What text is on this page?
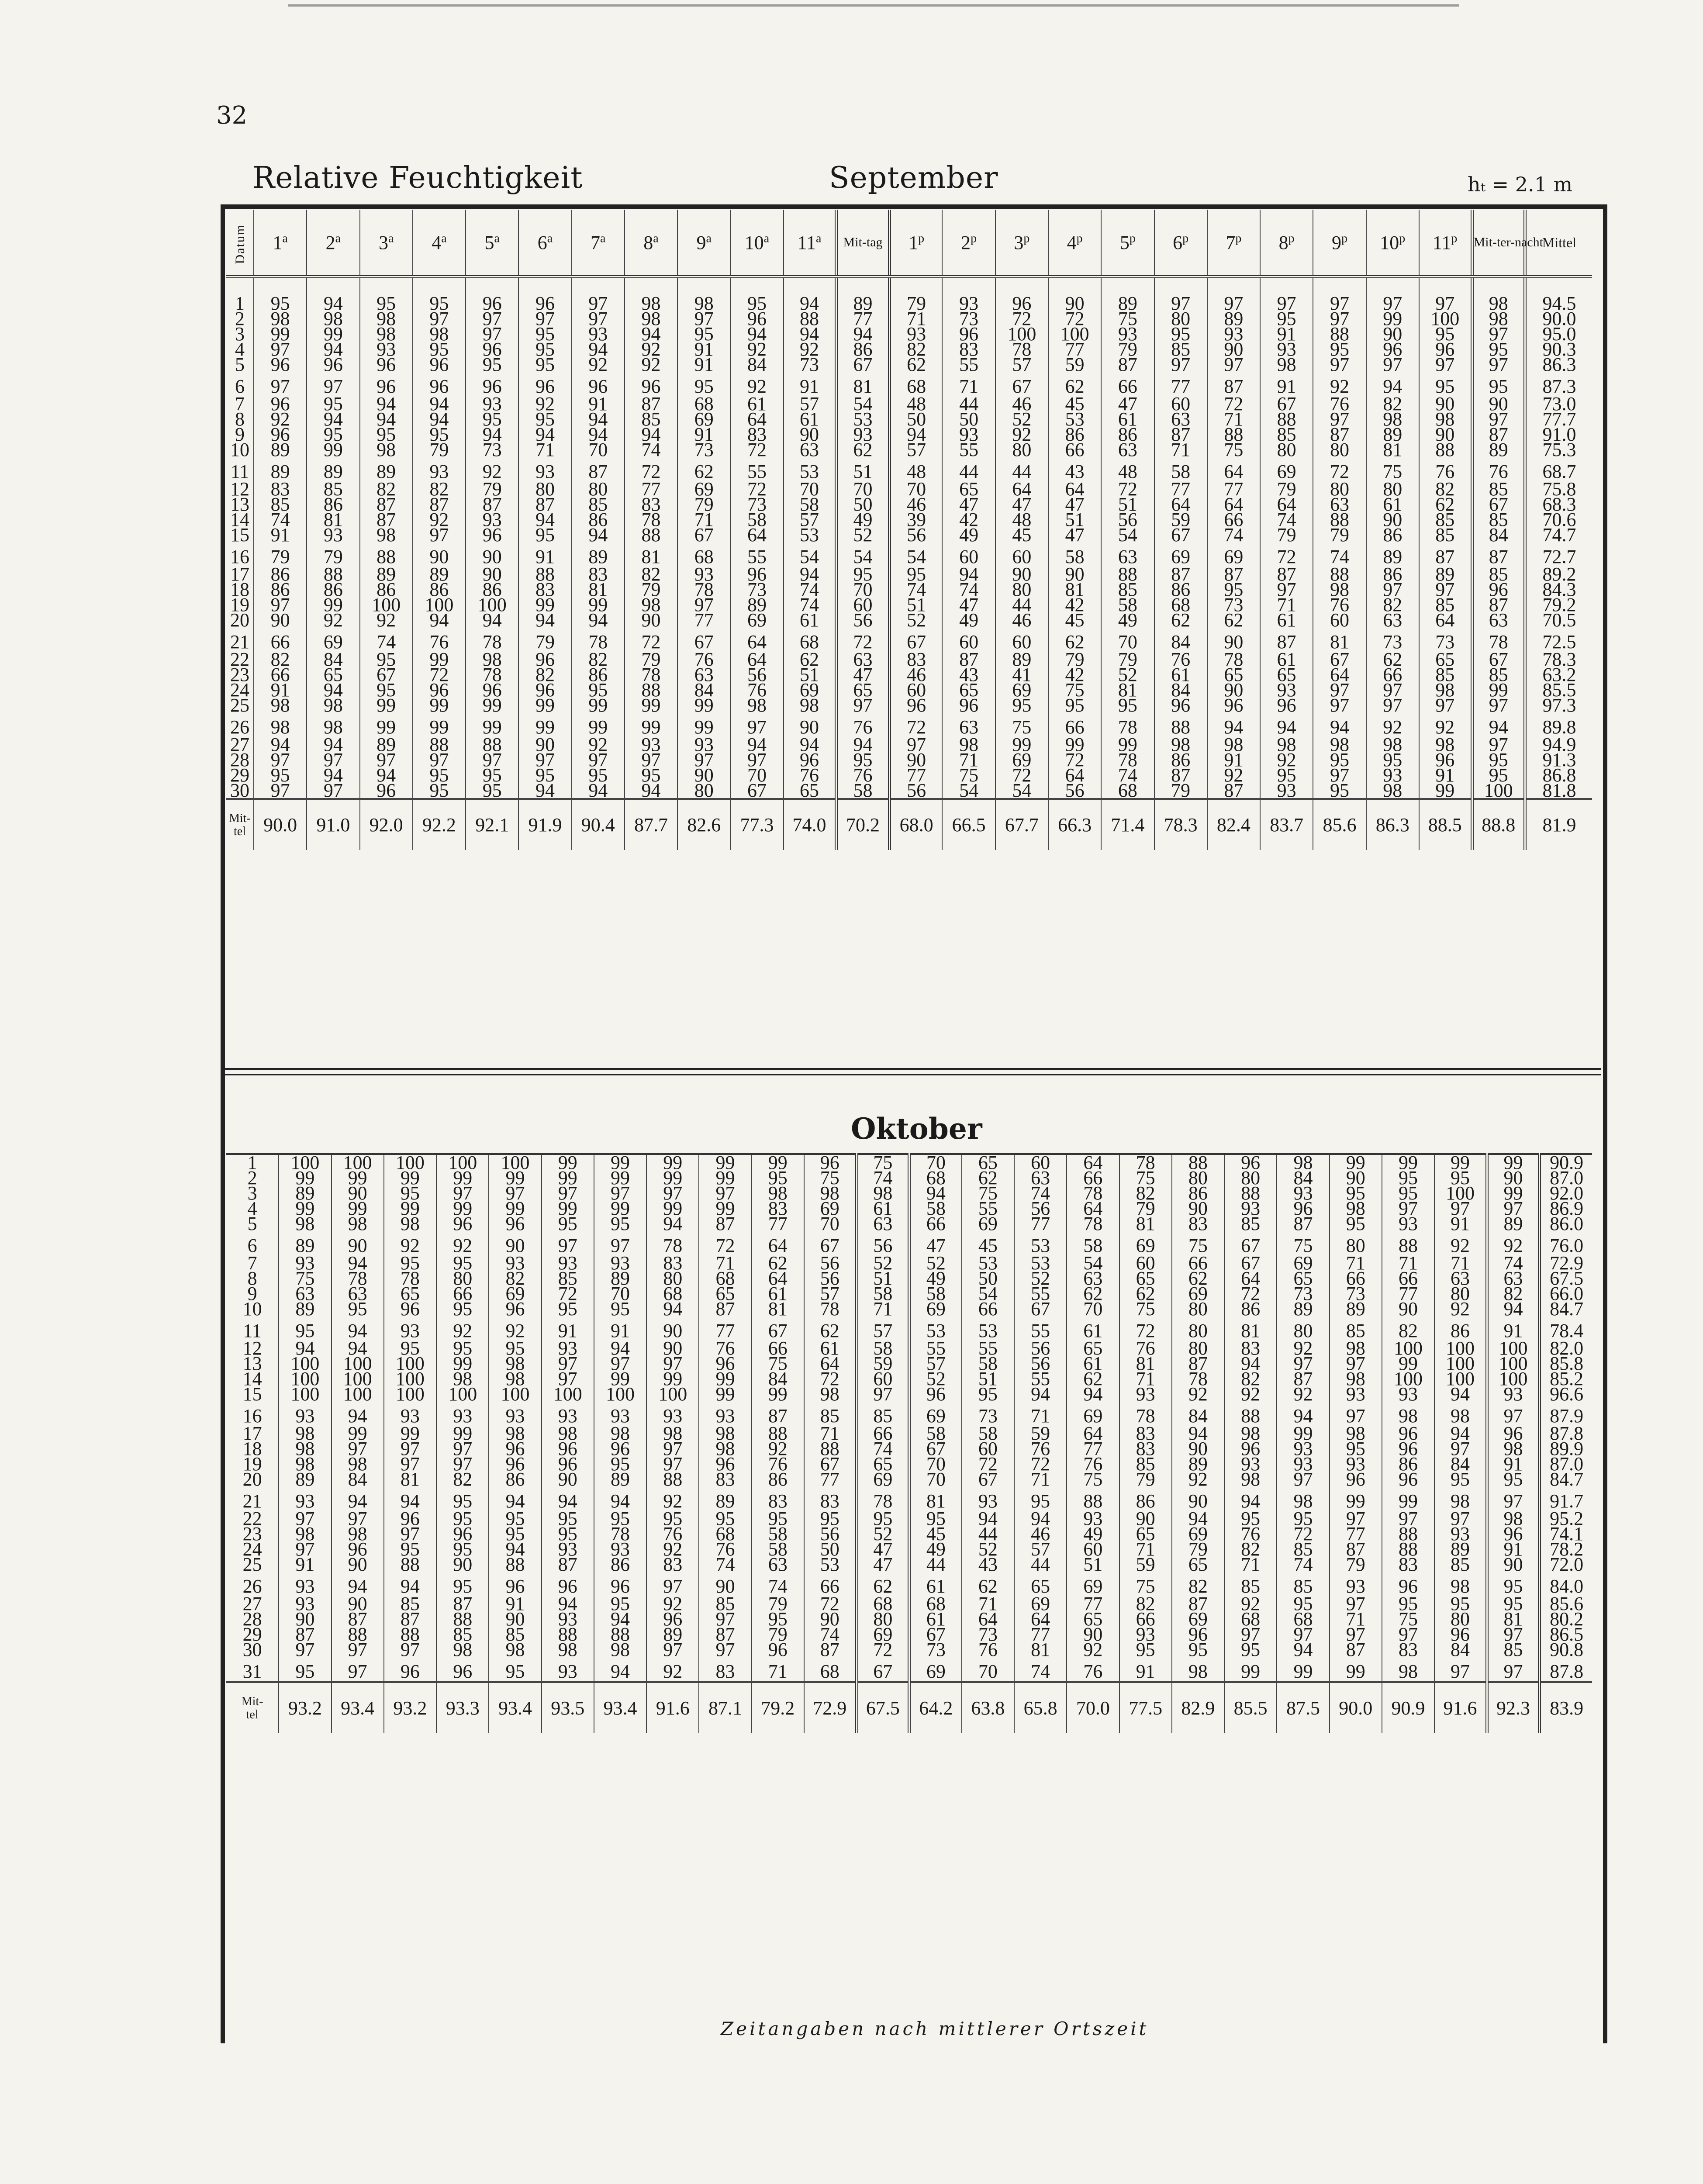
32
Relative Feuchtigkeit	September	hₜ = 2.1 m
Datum	1$^a$	2$^a$	3$^a$	4$^a$	5$^a$	6$^a$	7$^a$	8$^a$	9$^a$	10$^a$	11$^a$	Mit-tag	1$^p$	2$^p$	3$^p$	4$^p$	5$^p$	6$^p$	7$^p$	8$^p$	9$^p$	10$^p$	11$^p$	Mit-ter-nacht	Mittel
1	95	94	95	95	96	96	97	98	98	95	94	89	79	93	96	90	89	97	97	97	97	97	97	98	94.5
2	98	98	98	97	97	97	97	98	97	96	88	77	71	73	72	72	75	80	89	95	97	99	100	98	90.0
3	99	99	98	98	97	95	93	94	95	94	94	94	93	96	100	100	93	95	93	91	88	90	95	97	95.0
4	97	94	93	95	96	95	94	92	91	92	92	86	82	83	78	77	79	85	90	93	95	96	96	95	90.3
5	96	96	96	96	95	95	92	92	91	84	73	67	62	55	57	59	87	97	97	98	97	97	97	97	86.3
6	97	97	96	96	96	96	96	96	95	92	91	81	68	71	67	62	66	77	87	91	92	94	95	95	87.3
7	96	95	94	94	93	92	91	87	68	61	57	54	48	44	46	45	47	60	72	67	76	82	90	90	73.0
8	92	94	94	94	95	95	94	85	69	64	61	53	50	50	52	53	61	63	71	88	97	98	98	97	77.7
9	96	95	95	95	94	94	94	94	91	83	90	93	94	93	92	86	86	87	88	85	87	89	90	87	91.0
10	89	99	98	79	73	71	70	74	73	72	63	62	57	55	80	66	63	71	75	80	80	81	88	89	75.3
11	89	89	89	93	92	93	87	72	62	55	53	51	48	44	44	43	48	58	64	69	72	75	76	76	68.7
12	83	85	82	82	79	80	80	77	69	72	70	70	70	65	64	64	72	77	77	79	80	80	82	85	75.8
13	85	86	87	87	87	87	85	83	79	73	58	50	46	47	47	47	51	64	64	64	63	61	62	67	68.3
14	74	81	87	92	93	94	86	78	71	58	57	49	39	42	48	51	56	59	66	74	88	90	85	85	70.6
15	91	93	98	97	96	95	94	88	67	64	53	52	56	49	45	47	54	67	74	79	79	86	85	84	74.7
16	79	79	88	90	90	91	89	81	68	55	54	54	54	60	60	58	63	69	69	72	74	89	87	87	72.7
17	86	88	89	89	90	88	83	82	93	96	94	95	95	94	90	90	88	87	87	87	88	86	89	85	89.2
18	86	86	86	86	86	83	81	79	78	73	74	70	74	74	80	81	85	86	95	97	98	97	97	96	84.3
19	97	99	100	100	100	99	99	98	97	89	74	60	51	47	44	42	58	68	73	71	76	82	85	87	79.2
20	90	92	92	94	94	94	94	90	77	69	61	56	52	49	46	45	49	62	62	61	60	63	64	63	70.5
21	66	69	74	76	78	79	78	72	67	64	68	72	67	60	60	62	70	84	90	87	81	73	73	78	72.5
22	82	84	95	99	98	96	82	79	76	64	62	63	83	87	89	79	79	76	78	61	67	62	65	67	78.3
23	66	65	67	72	78	82	86	78	63	56	51	47	46	43	41	42	52	61	65	65	64	66	85	85	63.2
24	91	94	95	96	96	96	95	88	84	76	69	65	60	65	69	75	81	84	90	93	97	97	98	99	85.5
25	98	98	99	99	99	99	99	99	99	98	98	97	96	96	95	95	95	96	96	96	97	97	97	97	97.3
26	98	98	99	99	99	99	99	99	99	97	90	76	72	63	75	66	78	88	94	94	94	92	92	94	89.8
27	94	94	89	88	88	90	92	93	93	94	94	94	97	98	99	99	99	98	98	98	98	98	98	97	94.9
28	97	97	97	97	97	97	97	97	97	97	96	95	90	71	69	72	78	86	91	92	95	95	96	95	91.3
29	95	94	94	95	95	95	95	95	90	70	76	76	77	75	72	64	74	87	92	95	97	93	91	95	86.8
30	97	97	96	95	95	94	94	94	80	67	65	58	56	54	54	56	68	79	87	93	95	98	99	100	81.8
Mit-
tel	90.0	91.0	92.0	92.2	92.1	91.9	90.4	87.7	82.6	77.3	74.0	70.2	68.0	66.5	67.7	66.3	71.4	78.3	82.4	83.7	85.6	86.3	88.5	88.8	81.9
Oktober
1	100	100	100	100	100	99	99	99	99	99	96	75	70	65	60	64	78	88	96	98	99	99	99	99	90.9
2	99	99	99	99	99	99	99	99	99	95	75	74	68	62	63	66	75	80	80	84	90	95	95	90	87.0
3	89	90	95	97	97	97	97	97	97	98	98	98	94	75	74	78	82	86	88	93	95	95	100	99	92.0
4	99	99	99	99	99	99	99	99	99	83	69	61	58	55	56	64	79	90	93	96	98	97	97	97	86.9
5	98	98	98	96	96	95	95	94	87	77	70	63	66	69	77	78	81	83	85	87	95	93	91	89	86.0
6	89	90	92	92	90	97	97	78	72	64	67	56	47	45	53	58	69	75	67	75	80	88	92	92	76.0
7	93	94	95	95	93	93	93	83	71	62	56	52	52	53	53	54	60	66	67	69	71	71	71	74	72.9
8	75	78	78	80	82	85	89	80	68	64	56	51	49	50	52	63	65	62	64	65	66	66	63	63	67.5
9	63	63	65	66	69	72	70	68	65	61	57	58	58	54	55	62	62	69	72	73	73	77	80	82	66.0
10	89	95	96	95	96	95	95	94	87	81	78	71	69	66	67	70	75	80	86	89	89	90	92	94	84.7
11	95	94	93	92	92	91	91	90	77	67	62	57	53	53	55	61	72	80	81	80	85	82	86	91	78.4
12	94	94	95	95	95	93	94	90	76	66	61	58	55	55	56	65	76	80	83	92	98	100	100	100	82.0
13	100	100	100	99	98	97	97	97	96	75	64	59	57	58	56	61	81	87	94	97	97	99	100	100	85.8
14	100	100	100	98	98	97	99	99	99	84	72	60	52	51	55	62	71	78	82	87	98	100	100	100	85.2
15	100	100	100	100	100	100	100	100	99	99	98	97	96	95	94	94	93	92	92	92	93	93	94	93	96.6
16	93	94	93	93	93	93	93	93	93	87	85	85	69	73	71	69	78	84	88	94	97	98	98	97	87.9
17	98	99	99	99	98	98	98	98	98	88	71	66	58	58	59	64	83	94	98	99	98	96	94	96	87.8
18	98	97	97	97	96	96	96	97	98	92	88	74	67	60	76	77	83	90	96	93	95	96	97	98	89.9
19	98	98	97	97	96	96	95	97	96	76	67	65	70	72	72	76	85	89	93	93	93	86	84	91	87.0
20	89	84	81	82	86	90	89	88	83	86	77	69	70	67	71	75	79	92	98	97	96	96	95	95	84.7
21	93	94	94	95	94	94	94	92	89	83	83	78	81	93	95	88	86	90	94	98	99	99	98	97	91.7
22	97	97	96	95	95	95	95	95	95	95	95	95	95	94	94	93	90	94	95	95	97	97	97	98	95.2
23	98	98	97	96	95	95	78	76	68	58	56	52	45	44	46	49	65	69	76	72	77	88	93	96	74.1
24	97	96	95	95	94	93	93	92	76	58	50	47	49	52	57	60	71	79	82	85	87	88	89	91	78.2
25	91	90	88	90	88	87	86	83	74	63	53	47	44	43	44	51	59	65	71	74	79	83	85	90	72.0
26	93	94	94	95	96	96	96	97	90	74	66	62	61	62	65	69	75	82	85	85	93	96	98	95	84.0
27	93	90	85	87	91	94	95	92	85	79	72	68	68	71	69	77	82	87	92	95	97	95	95	95	85.6
28	90	87	87	88	90	93	94	96	97	95	90	80	61	64	64	65	66	69	68	68	71	75	80	81	80.2
29	87	88	88	85	85	88	88	89	87	79	74	69	67	73	77	90	93	96	97	97	97	97	96	97	86.5
30	97	97	97	98	98	98	98	97	97	96	87	72	73	76	81	92	95	95	95	94	87	83	84	85	90.8
31	95	97	96	96	95	93	94	92	83	71	68	67	69	70	74	76	91	98	99	99	99	98	97	97	87.8
Mit-
tel	93.2	93.4	93.2	93.3	93.4	93.5	93.4	91.6	87.1	79.2	72.9	67.5	64.2	63.8	65.8	70.0	77.5	82.9	85.5	87.5	90.0	90.9	91.6	92.3	83.9
Zeitangaben nach mittlerer Ortszeit
